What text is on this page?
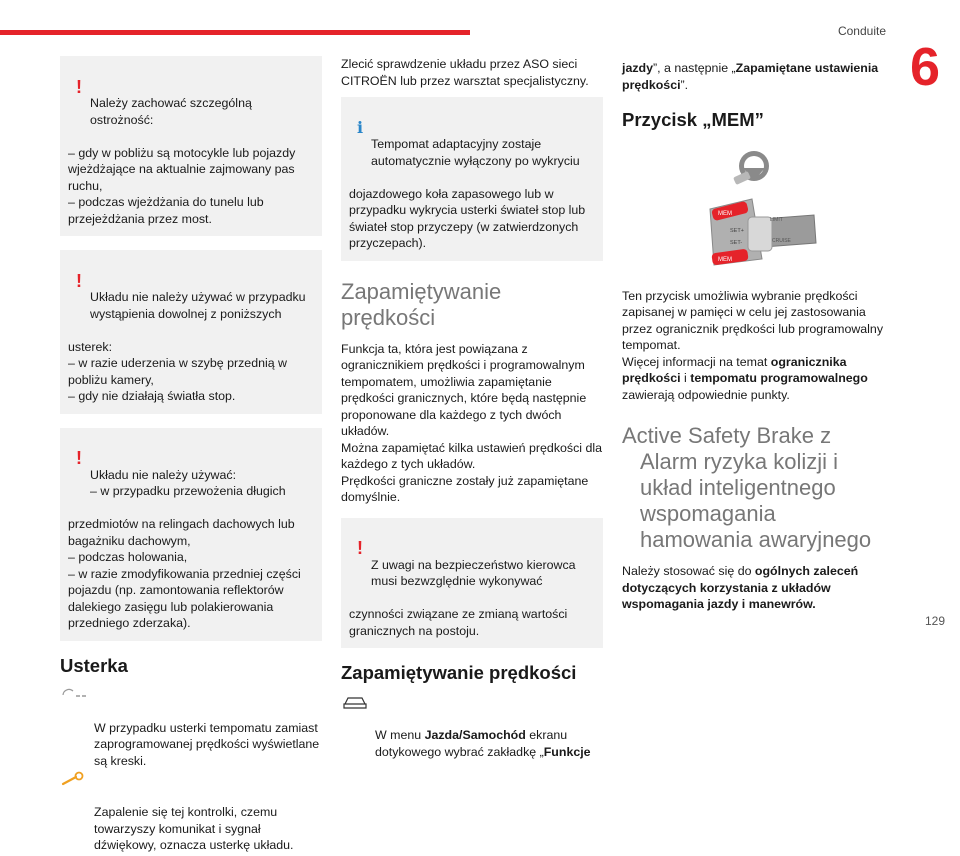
Conduite
6
129

!

Należy zachować szczególną ostrożność:

– gdy w pobliżu są motocykle lub pojazdy wjeżdżające na aktualnie zajmowany pas ruchu,
– podczas wjeżdżania do tunelu lub przejeżdżania przez most.

!

Układu nie należy używać w przypadku wystąpienia dowolnej z poniższych

usterek:
– w razie uderzenia w szybę przednią w pobliżu kamery,
– gdy nie działają światła stop.

!

Układu nie należy używać:
– w przypadku przewożenia długich

przedmiotów na relingach dachowych lub bagażniku dachowym,
– podczas holowania,
– w razie zmodyfikowania przedniej części pojazdu (np. zamontowania reflektorów dalekiego zasięgu lub polakierowania przedniego zderzaka).

Usterka

W przypadku usterki tempomatu zamiast zaprogramowanej prędkości wyświetlane są kreski.

Zapalenie się tej kontrolki, czemu towarzyszy komunikat i sygnał dźwiękowy, oznacza usterkę układu.

Zlecić sprawdzenie układu przez ASO sieci CITROËN lub przez warsztat specjalistyczny.

i

Tempomat adaptacyjny zostaje automatycznie wyłączony po wykryciu

dojazdowego koła zapasowego lub w przypadku wykrycia usterki świateł stop lub świateł stop przyczepy (w zatwierdzonych przyczepach).

Zapamiętywanie prędkości

Funkcja ta, która jest powiązana z ogranicznikiem prędkości i programowalnym tempomatem, umożliwia zapamiętanie prędkości granicznych, które będą następnie proponowane dla każdego z tych dwóch układów.
Można zapamiętać kilka ustawień prędkości dla każdego z tych układów.
Prędkości graniczne zostały już zapamiętane domyślnie.

!

Z uwagi na bezpieczeństwo kierowca musi bezwzględnie wykonywać

czynności związane ze zmianą wartości granicznych na postoju.

Zapamiętywanie prędkości

W menu Jazda/Samochód ekranu dotykowego wybrać zakładkę „Funkcje

jazdy”, a następnie „Zapamiętane ustawienia prędkości”.

Przycisk „MEM”
MEM
MEM
SET+
SET-
LIMIT
CRUISE

Ten przycisk umożliwia wybranie prędkości zapisanej w pamięci w celu jej zastosowania przez ogranicznik prędkości lub programowalny tempomat.

Więcej informacji na temat ogranicznika prędkości i tempomatu programowalnego zawierają odpowiednie punkty.

Active Safety Brake z Alarm ryzyka kolizji i układ inteligentnego wspomagania hamowania awaryjnego

Należy stosować się do ogólnych zaleceń dotyczących korzystania z układów wspomagania jazdy i manewrów.
